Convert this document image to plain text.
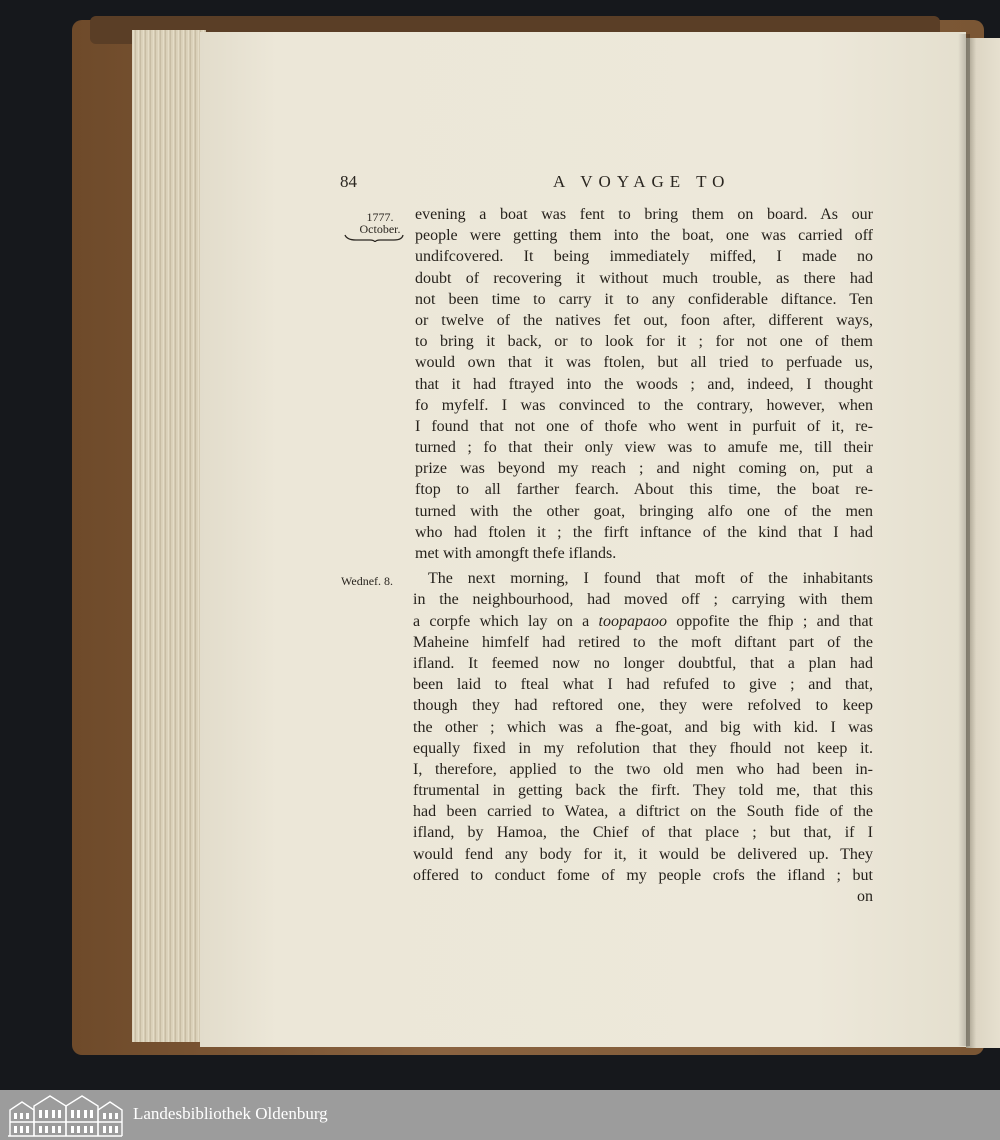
84	A VOYAGE TO
1777.
October.
Wednef. 8.
evening a boat was fent to bring them on board. As our
people were getting them into the boat, one was carried off
undifcovered. It being immediately miffed, I made no
doubt of recovering it without much trouble, as there had
not been time to carry it to any confiderable diftance. Ten
or twelve of the natives fet out, foon after, different ways,
to bring it back, or to look for it ; for not one of them
would own that it was ftolen, but all tried to perfuade us,
that it had ftrayed into the woods ; and, indeed, I thought
fo myfelf. I was convinced to the contrary, however, when
I found that not one of thofe who went in purfuit of it, re-
turned ; fo that their only view was to amufe me, till their
prize was beyond my reach ; and night coming on, put a
ftop to all farther fearch. About this time, the boat re-
turned with the other goat, bringing alfo one of the men
who had ftolen it ; the firft inftance of the kind that I had
met with amongft thefe iflands.
The next morning, I found that moft of the inhabitants
in the neighbourhood, had moved off ; carrying with them
a corpfe which lay on a toopapaoo oppofite the fhip ; and that
Maheine himfelf had retired to the moft diftant part of the
ifland. It feemed now no longer doubtful, that a plan had
been laid to fteal what I had refufed to give ; and that,
though they had reftored one, they were refolved to keep
the other ; which was a fhe-goat, and big with kid. I was
equally fixed in my refolution that they fhould not keep it.
I, therefore, applied to the two old men who had been in-
ftrumental in getting back the firft. They told me, that this
had been carried to Watea, a diftrict on the South fide of the
ifland, by Hamoa, the Chief of that place ; but that, if I
would fend any body for it, it would be delivered up. They
offered to conduct fome of my people crofs the ifland ; but
on
Landesbibliothek Oldenburg
